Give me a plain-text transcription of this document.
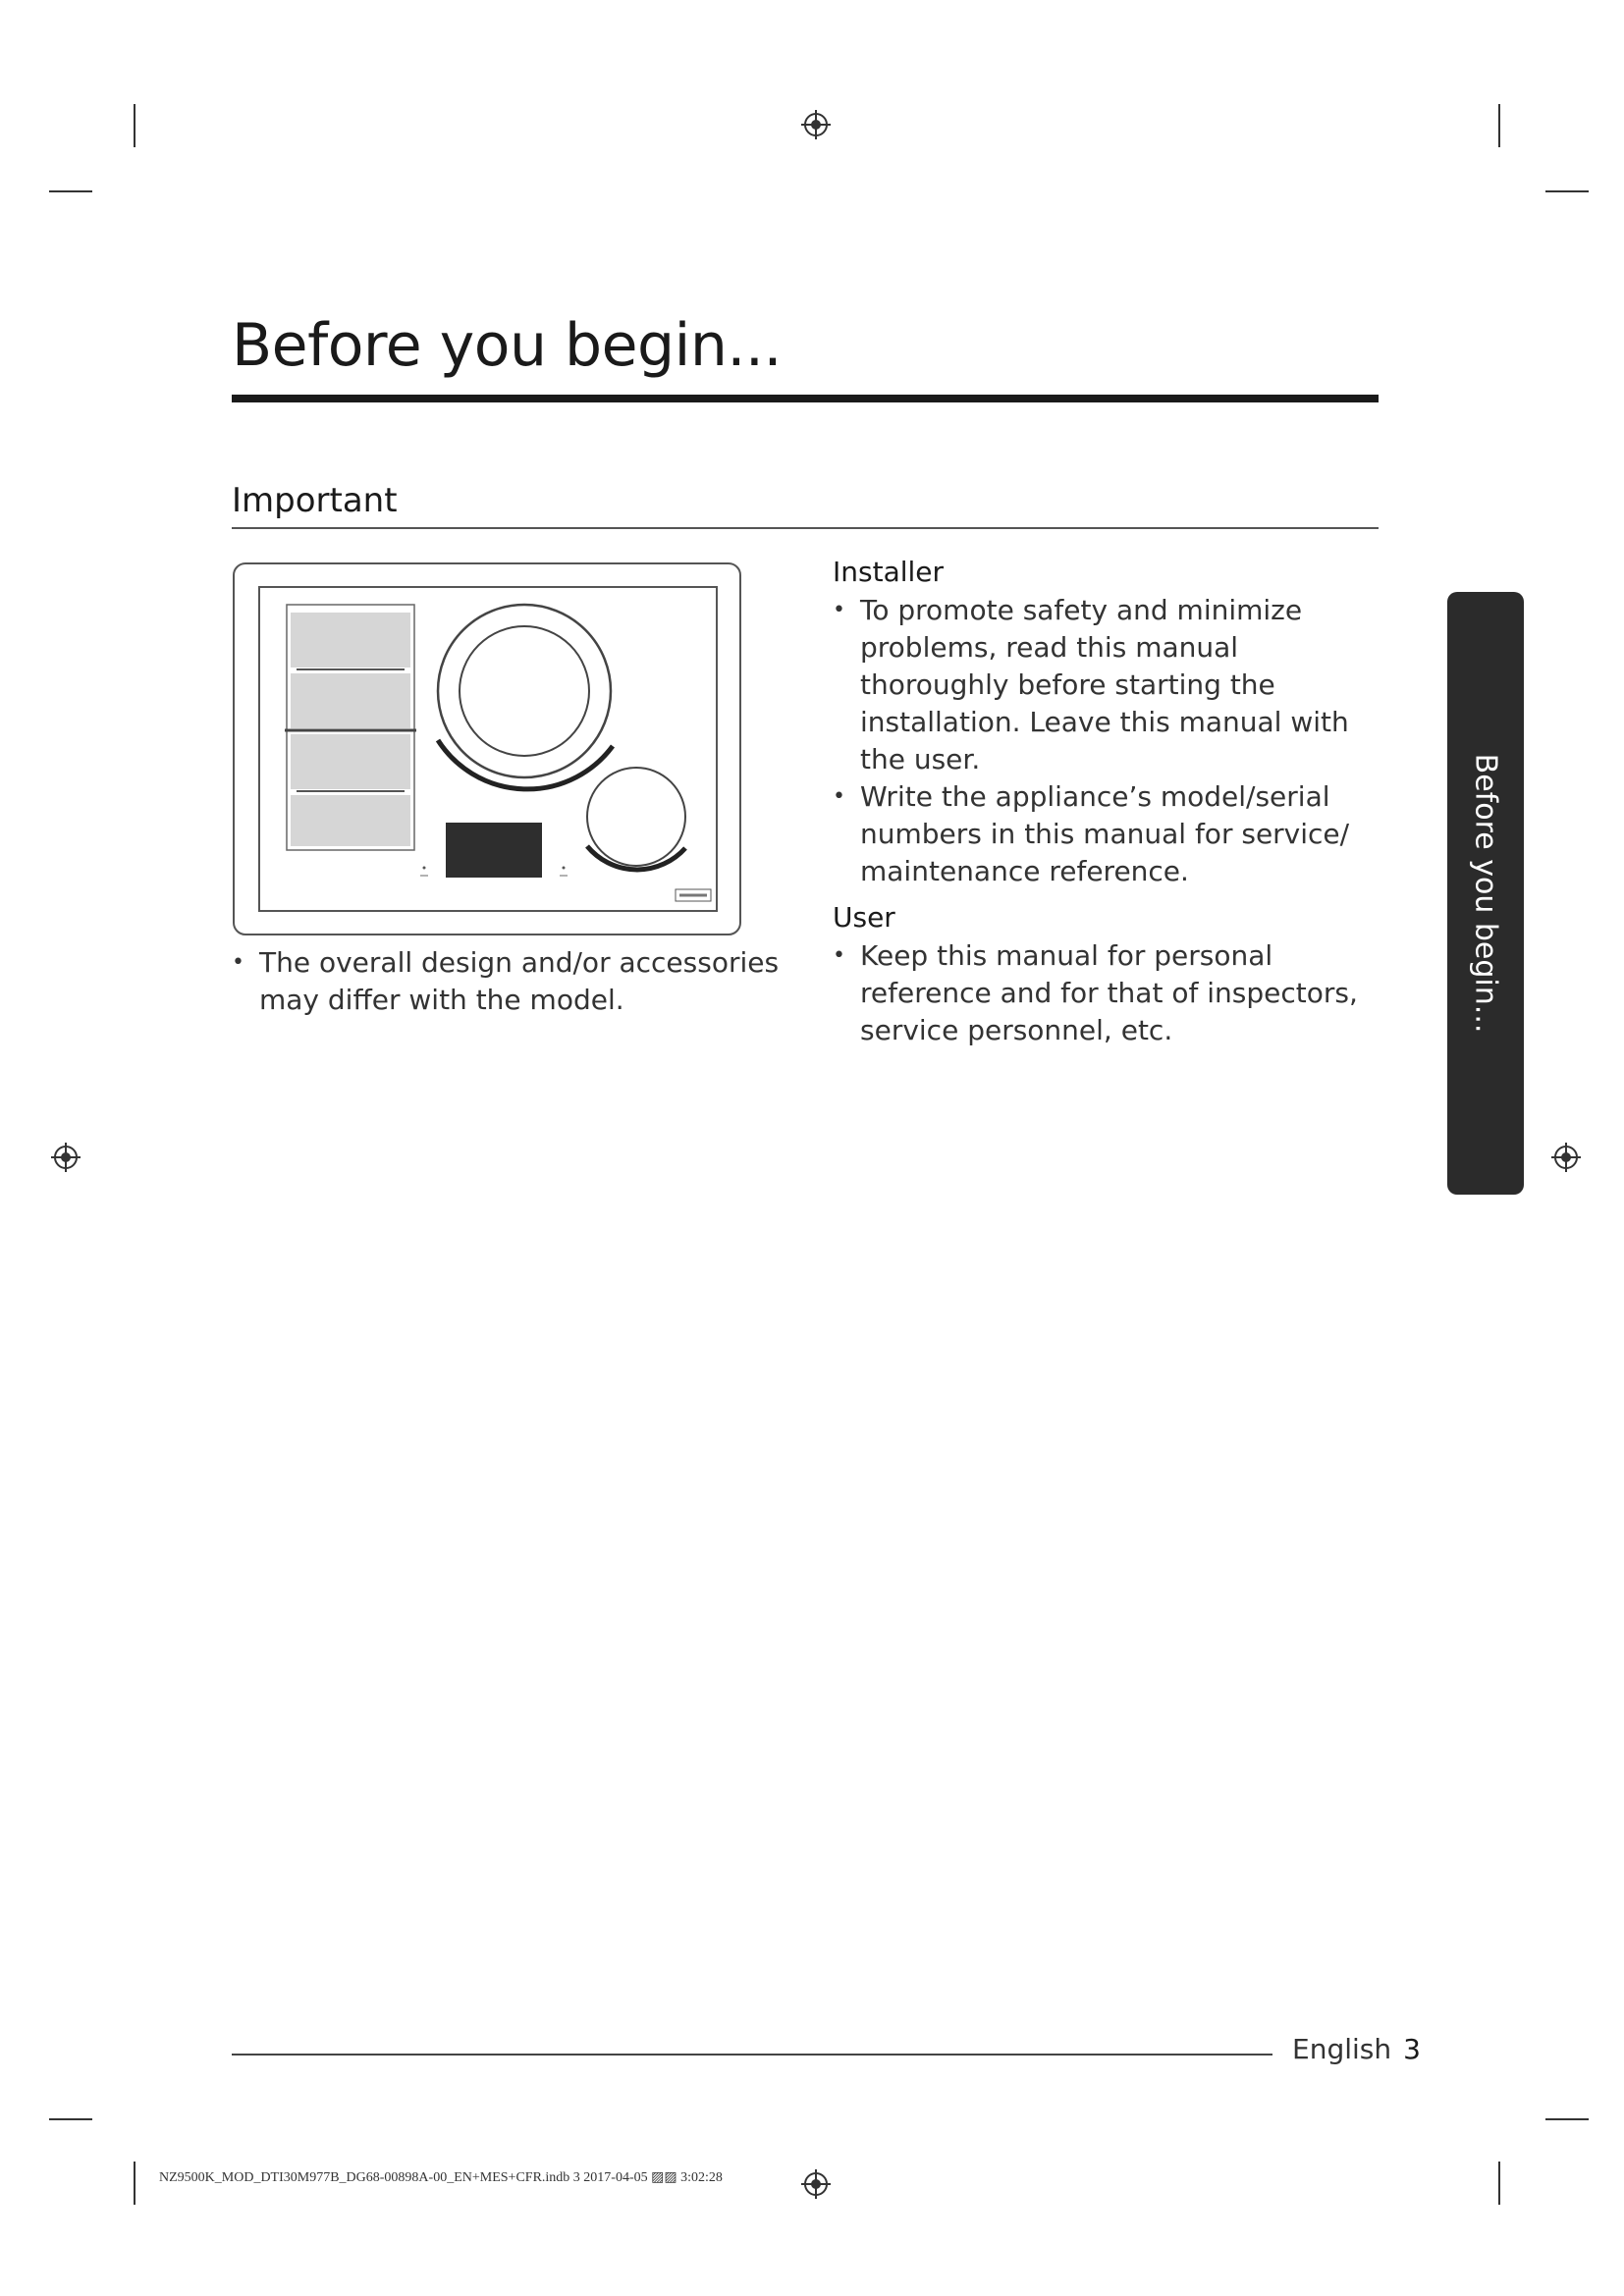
Before you begin...
Important
• The overall design and/or accessories may differ with the model.
Installer
• To promote safety and minimize problems, read this manual thoroughly before starting the installation. Leave this manual with the user.
• Write the appliance’s model/serial numbers in this manual for service/ maintenance reference.
User
• Keep this manual for personal reference and for that of inspectors, service personnel, etc.	Before you begin...
English 3
NZ9500K_MOD_DTI30M977B_DG68-00898A-00_EN+MES+CFR.indb 3 2017-04-05 ▨▨ 3:02:28
